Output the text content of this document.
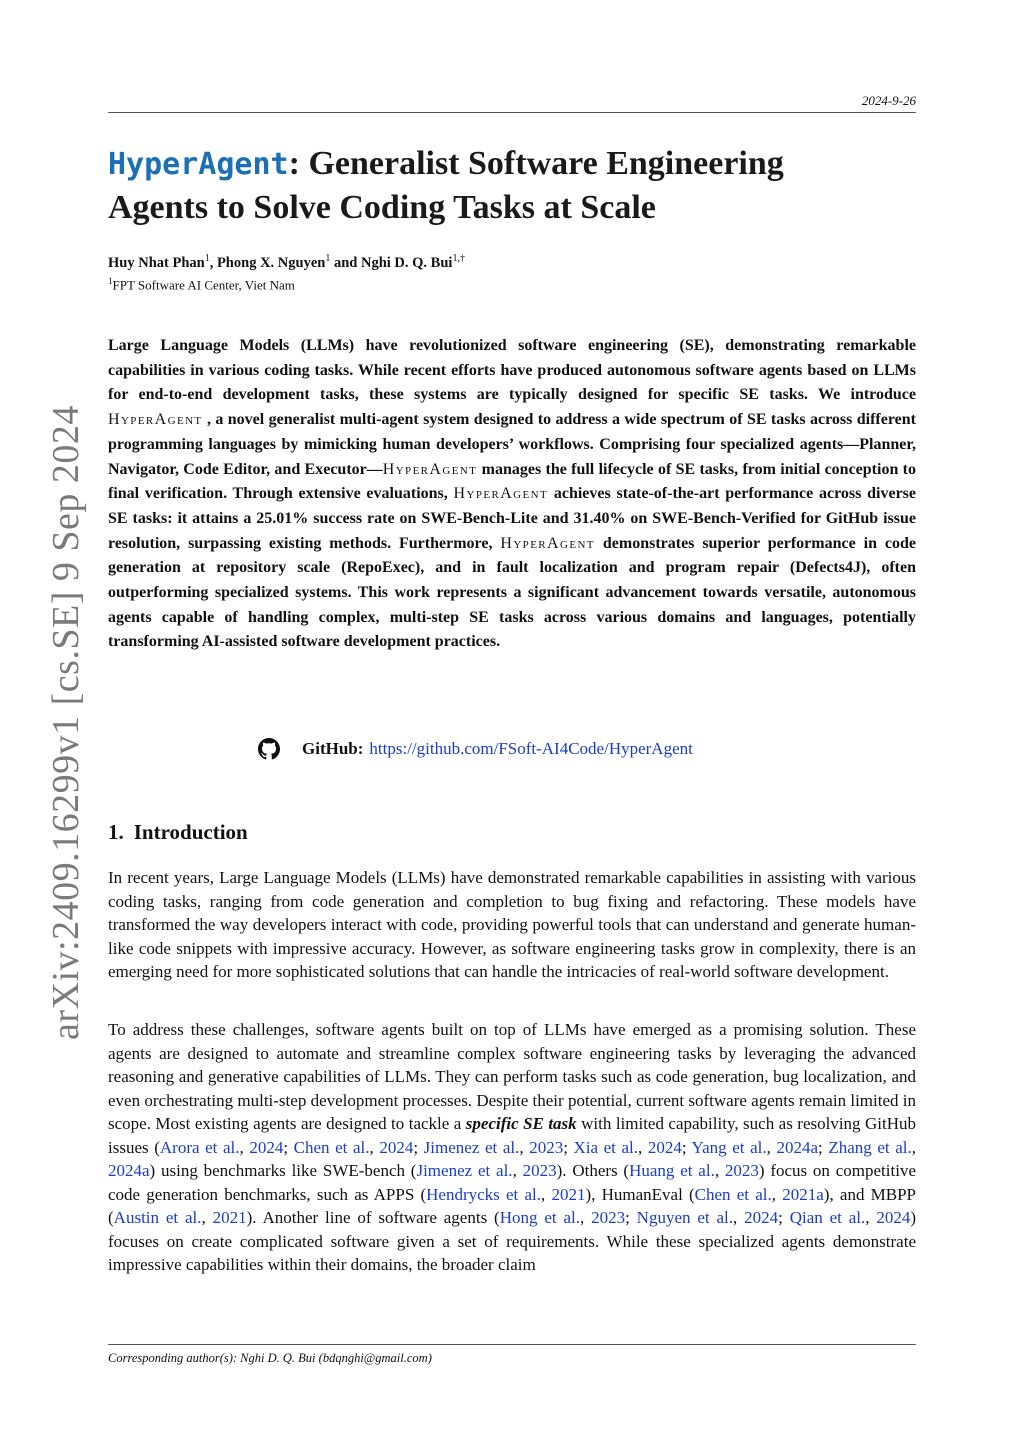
2024-9-26
arXiv:2409.16299v1 [cs.SE] 9 Sep 2024
HyperAgent: Generalist Software Engineering
Agents to Solve Coding Tasks at Scale
Huy Nhat Phan$^1$, Phong X. Nguyen$^1$ and Nghi D. Q. Bui$^{1,\dagger}$
$^1$FPT Software AI Center, Viet Nam

Large Language Models (LLMs) have revolutionized software engineering (SE), demonstrating remarkable capabilities in various coding tasks. While recent efforts have produced autonomous software agents based on LLMs for end-to-end development tasks, these systems are typically designed for specific SE tasks. We introduce HyperAgent , a novel generalist multi-agent system designed to address a wide spectrum of SE tasks across different programming languages by mimicking human developers’ workflows. Comprising four specialized agents—Planner, Navigator, Code Editor, and Executor—HyperAgent manages the full lifecycle of SE tasks, from initial conception to final verification. Through extensive evaluations, HyperAgent achieves state-of-the-art performance across diverse SE tasks: it attains a 25.01% success rate on SWE-Bench-Lite and 31.40% on SWE-Bench-Verified for GitHub issue resolution, surpassing existing methods. Furthermore, HyperAgent demonstrates superior performance in code generation at repository scale (RepoExec), and in fault localization and program repair (Defects4J), often outperforming specialized systems. This work represents a significant advancement towards versatile, autonomous agents capable of handling complex, multi-step SE tasks across various domains and languages, potentially transforming AI-assisted software development practices.

GitHub: https://github.com/FSoft-AI4Code/HyperAgent
1. Introduction

In recent years, Large Language Models (LLMs) have demonstrated remarkable capabilities in assisting with various coding tasks, ranging from code generation and completion to bug fixing and refactoring. These models have transformed the way developers interact with code, providing powerful tools that can understand and generate human-like code snippets with impressive accuracy. However, as software engineering tasks grow in complexity, there is an emerging need for more sophisticated solutions that can handle the intricacies of real-world software development.

To address these challenges, software agents built on top of LLMs have emerged as a promising solution. These agents are designed to automate and streamline complex software engineering tasks by leveraging the advanced reasoning and generative capabilities of LLMs. They can perform tasks such as code generation, bug localization, and even orchestrating multi-step development processes. Despite their potential, current software agents remain limited in scope. Most existing agents are designed to tackle a specific SE task with limited capability, such as resolving GitHub issues (Arora et al., 2024; Chen et al., 2024; Jimenez et al., 2023; Xia et al., 2024; Yang et al., 2024a; Zhang et al., 2024a) using benchmarks like SWE-bench (Jimenez et al., 2023). Others (Huang et al., 2023) focus on competitive code generation benchmarks, such as APPS (Hendrycks et al., 2021), HumanEval (Chen et al., 2021a), and MBPP (Austin et al., 2021). Another line of software agents (Hong et al., 2023; Nguyen et al., 2024; Qian et al., 2024) focuses on create complicated software given a set of requirements. While these specialized agents demonstrate impressive capabilities within their domains, the broader claim

Corresponding author(s): Nghi D. Q. Bui (bdqnghi@gmail.com)
